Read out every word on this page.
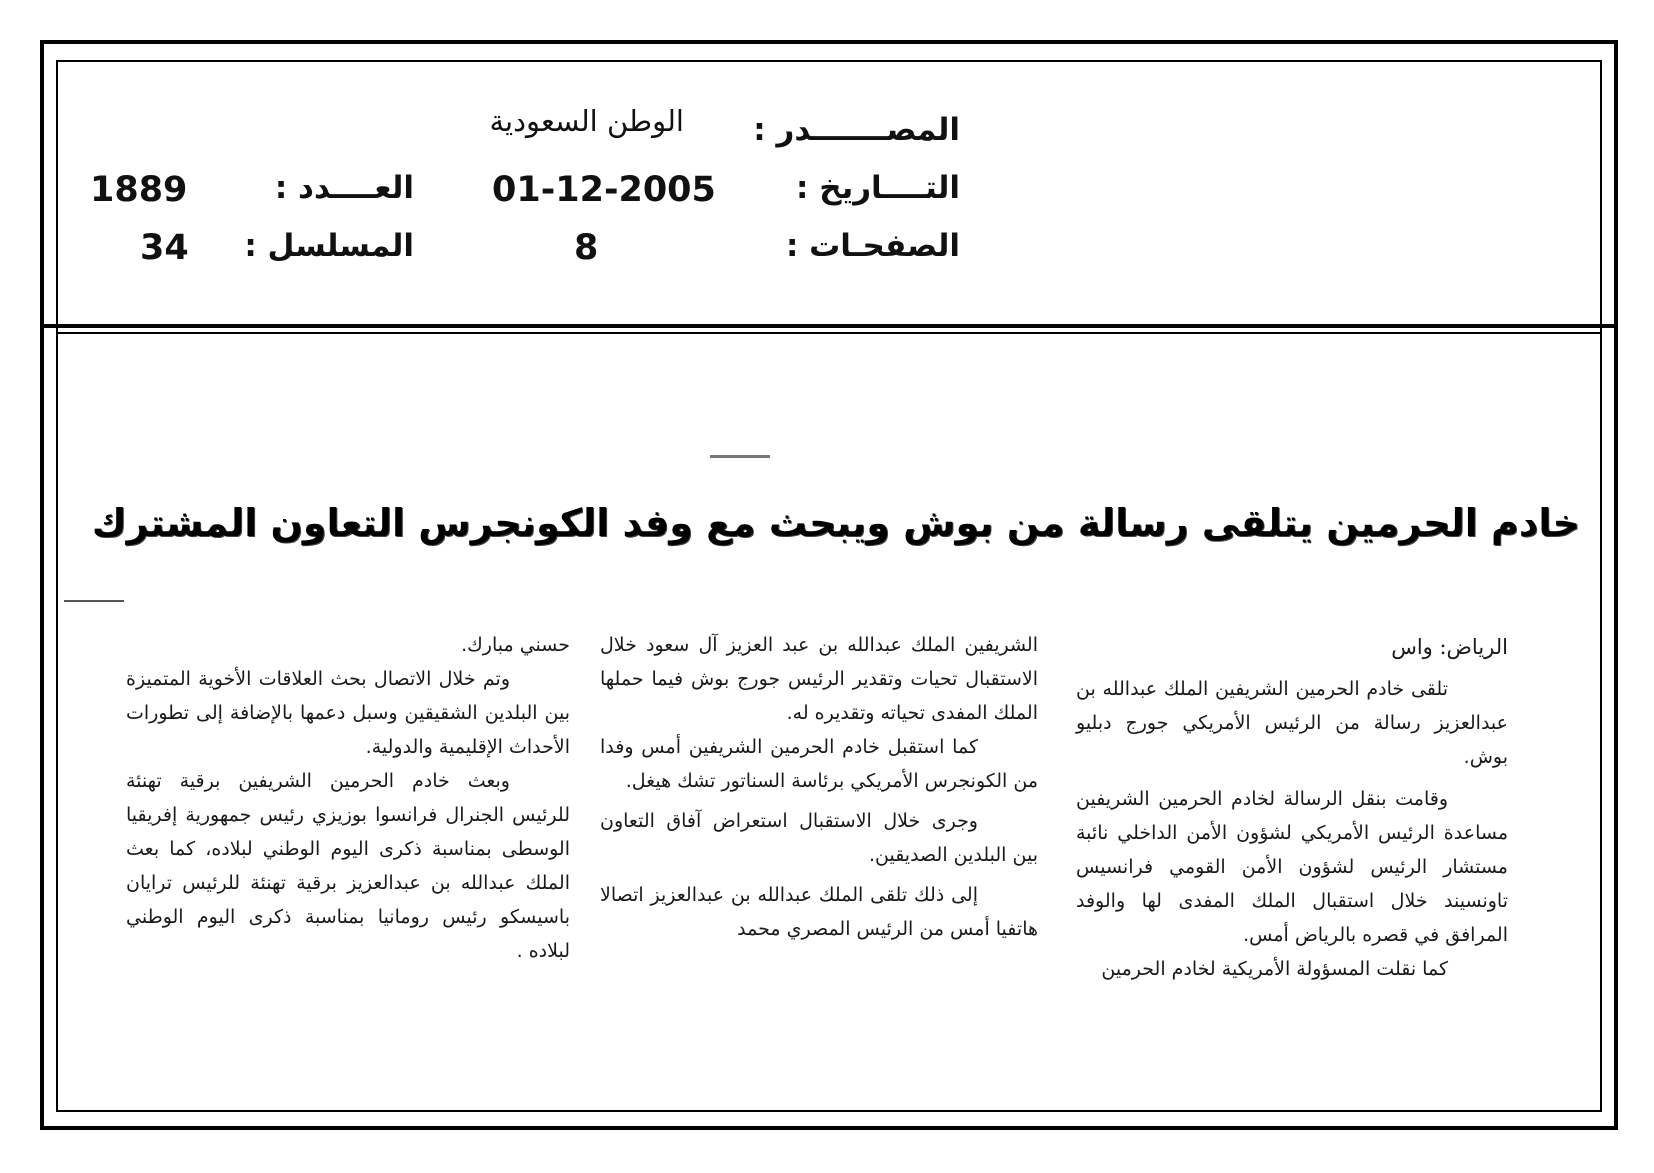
المصـــــــدر :
الوطن السعودية
التــــاريخ :
01-12-2005
العــــدد :
1889
الصفحـات :
8
المسلسل :
34
خادم الحرمين يتلقى رسالة من بوش ويبحث مع وفد الكونجرس التعاون المشترك

الرياض: واس

تلقى خادم الحرمين الشريفين الملك عبدالله بن عبدالعزيز رسالة من الرئيس الأمريكي جورج دبليو بوش.

وقامت بنقل الرسالة لخادم الحرمين الشريفين مساعدة الرئيس الأمريكي لشؤون الأمن الداخلي نائبة مستشار الرئيس لشؤون الأمن القومي فرانسيس تاونسيند خلال استقبال الملك المفدى لها والوفد المرافق في قصره بالرياض أمس.

كما نقلت المسؤولة الأمريكية لخادم الحرمين

الشريفين الملك عبدالله بن عبد العزيز آل سعود خلال الاستقبال تحيات وتقدير الرئيس جورج بوش فيما حملها الملك المفدى تحياته وتقديره له.

كما استقبل خادم الحرمين الشريفين أمس وفدا من الكونجرس الأمريكي برئاسة السناتور تشك هيغل.

وجرى خلال الاستقبال استعراض آفاق التعاون بين البلدين الصديقين.

إلى ذلك تلقى الملك عبدالله بن عبدالعزيز اتصالا هاتفيا أمس من الرئيس المصري محمد

حسني مبارك.

وتم خلال الاتصال بحث العلاقات الأخوية المتميزة بين البلدين الشقيقين وسبل دعمها بالإضافة إلى تطورات الأحداث الإقليمية والدولية.

وبعث خادم الحرمين الشريفين برقية تهنئة للرئيس الجنرال فرانسوا بوزيزي رئيس جمهورية إفريقيا الوسطى بمناسبة ذكرى اليوم الوطني لبلاده، كما بعث الملك عبدالله بن عبدالعزيز برقية تهنئة للرئيس ترايان باسيسكو رئيس رومانيا بمناسبة ذكرى اليوم الوطني لبلاده .
